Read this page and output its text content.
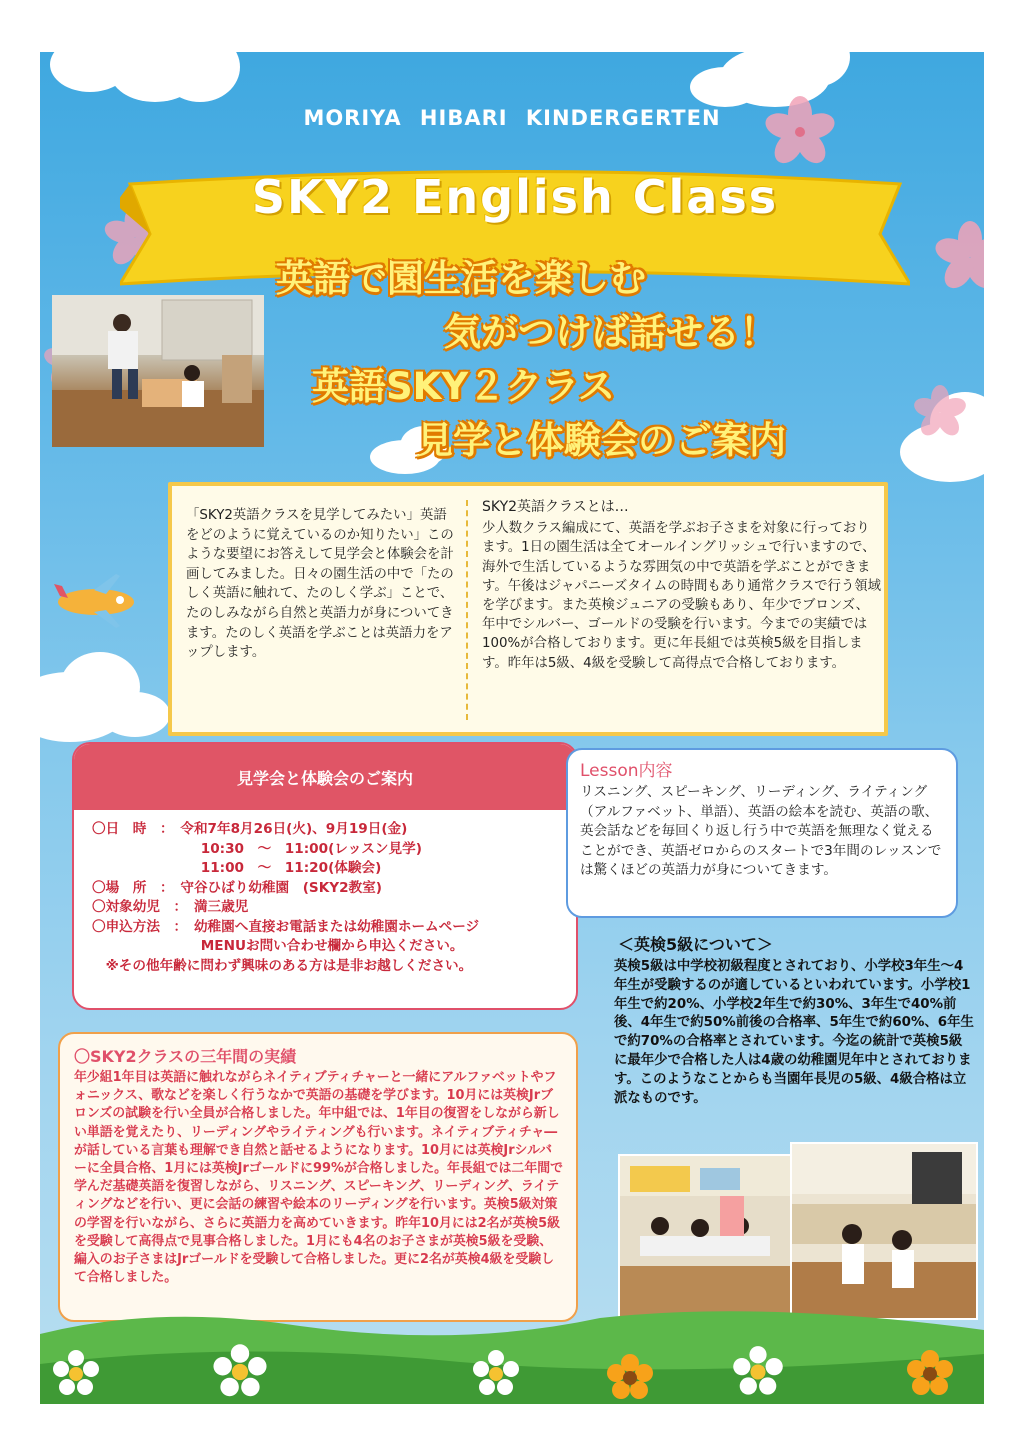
MORIYA HIBARI KINDERGERTEN
SKY2 English Class
英語で園生活を楽しむ
気がつけば話せる！
英語SKY２クラス
見学と体験会のご案内
「SKY2英語クラスを見学してみたい」英語をどのように覚えているのか知りたい」このような要望にお答えして見学会と体験会を計画してみました。日々の園生活の中で「たのしく英語に触れて、たのしく学ぶ」ことで、たのしみながら自然と英語力が身についてきます。たのしく英語を学ぶことは英語力をアップします。
SKY2英語クラスとは…
少人数クラス編成にて、英語を学ぶお子さまを対象に行っております。1日の園生活は全てオールイングリッシュで行いますので、海外で生活しているような雰囲気の中で英語を学ぶことができます。午後はジャパニーズタイムの時間もあり通常クラスで行う領域を学びます。また英検ジュニアの受験もあり、年少でブロンズ、年中でシルバー、ゴールドの受験を行います。今までの実績では100%が合格しております。更に年長組では英検5級を目指します。昨年は5級、4級を受験して高得点で合格しております。
見学会と体験会のご案内
〇日　時　：　令和7年8月26日(火)、9月19日(金)
　　　　　　　　10:30　～　11:00(レッスン見学)
　　　　　　　　11:00　～　11:20(体験会)
〇場　所　：　守谷ひばり幼稚園　(SKY2教室)
〇対象幼児　：　満三歳児
〇申込方法　：　幼稚園へ直接お電話または幼稚園ホームページ
　　　　　　　　MENUお問い合わせ欄から申込ください。
　※その他年齢に問わず興味のある方は是非お越しください。
Lesson内容
リスニング、スピーキング、リーディング、ライティング（アルファベット、単語）、英語の絵本を読む、英語の歌、英会話などを毎回くり返し行う中で英語を無理なく覚えることができ、英語ゼロからのスタートで3年間のレッスンでは驚くほどの英語力が身についてきます。
＜英検5級について＞
英検5級は中学校初級程度とされており、小学校3年生～4年生が受験するのが適しているといわれています。小学校1年生で約20%、小学校2年生で約30%、3年生で40%前後、4年生で約50%前後の合格率、5年生で約60%、6年生で約70%の合格率とされています。今迄の統計で英検5級に最年少で合格した人は4歳の幼稚園児年中とされております。このようなことからも当園年長児の5級、4級合格は立派なものです。
〇SKY2クラスの三年間の実績
年少組1年目は英語に触れながらネイティブティチャーと一緒にアルファベットやフォニックス、歌などを楽しく行うなかで英語の基礎を学びます。10月には英検Jrブロンズの試験を行い全員が合格しました。年中組では、1年目の復習をしながら新しい単語を覚えたり、リーディングやライティングも行います。ネイティブティチャ―が話している言葉も理解でき自然と話せるようになります。10月には英検Jrシルバーに全員合格、1月には英検Jrゴールドに99%が合格しました。年長組では二年間で学んだ基礎英語を復習しながら、リスニング、スピーキング、リーディング、ライティングなどを行い、更に会話の練習や絵本のリーディングを行います。英検5級対策の学習を行いながら、さらに英語力を高めていきます。昨年10月には2名が英検5級を受験して高得点で見事合格しました。1月にも4名のお子さまが英検5級を受験、編入のお子さまはJrゴールドを受験して合格しました。更に2名が英検4級を受験して合格しました。
